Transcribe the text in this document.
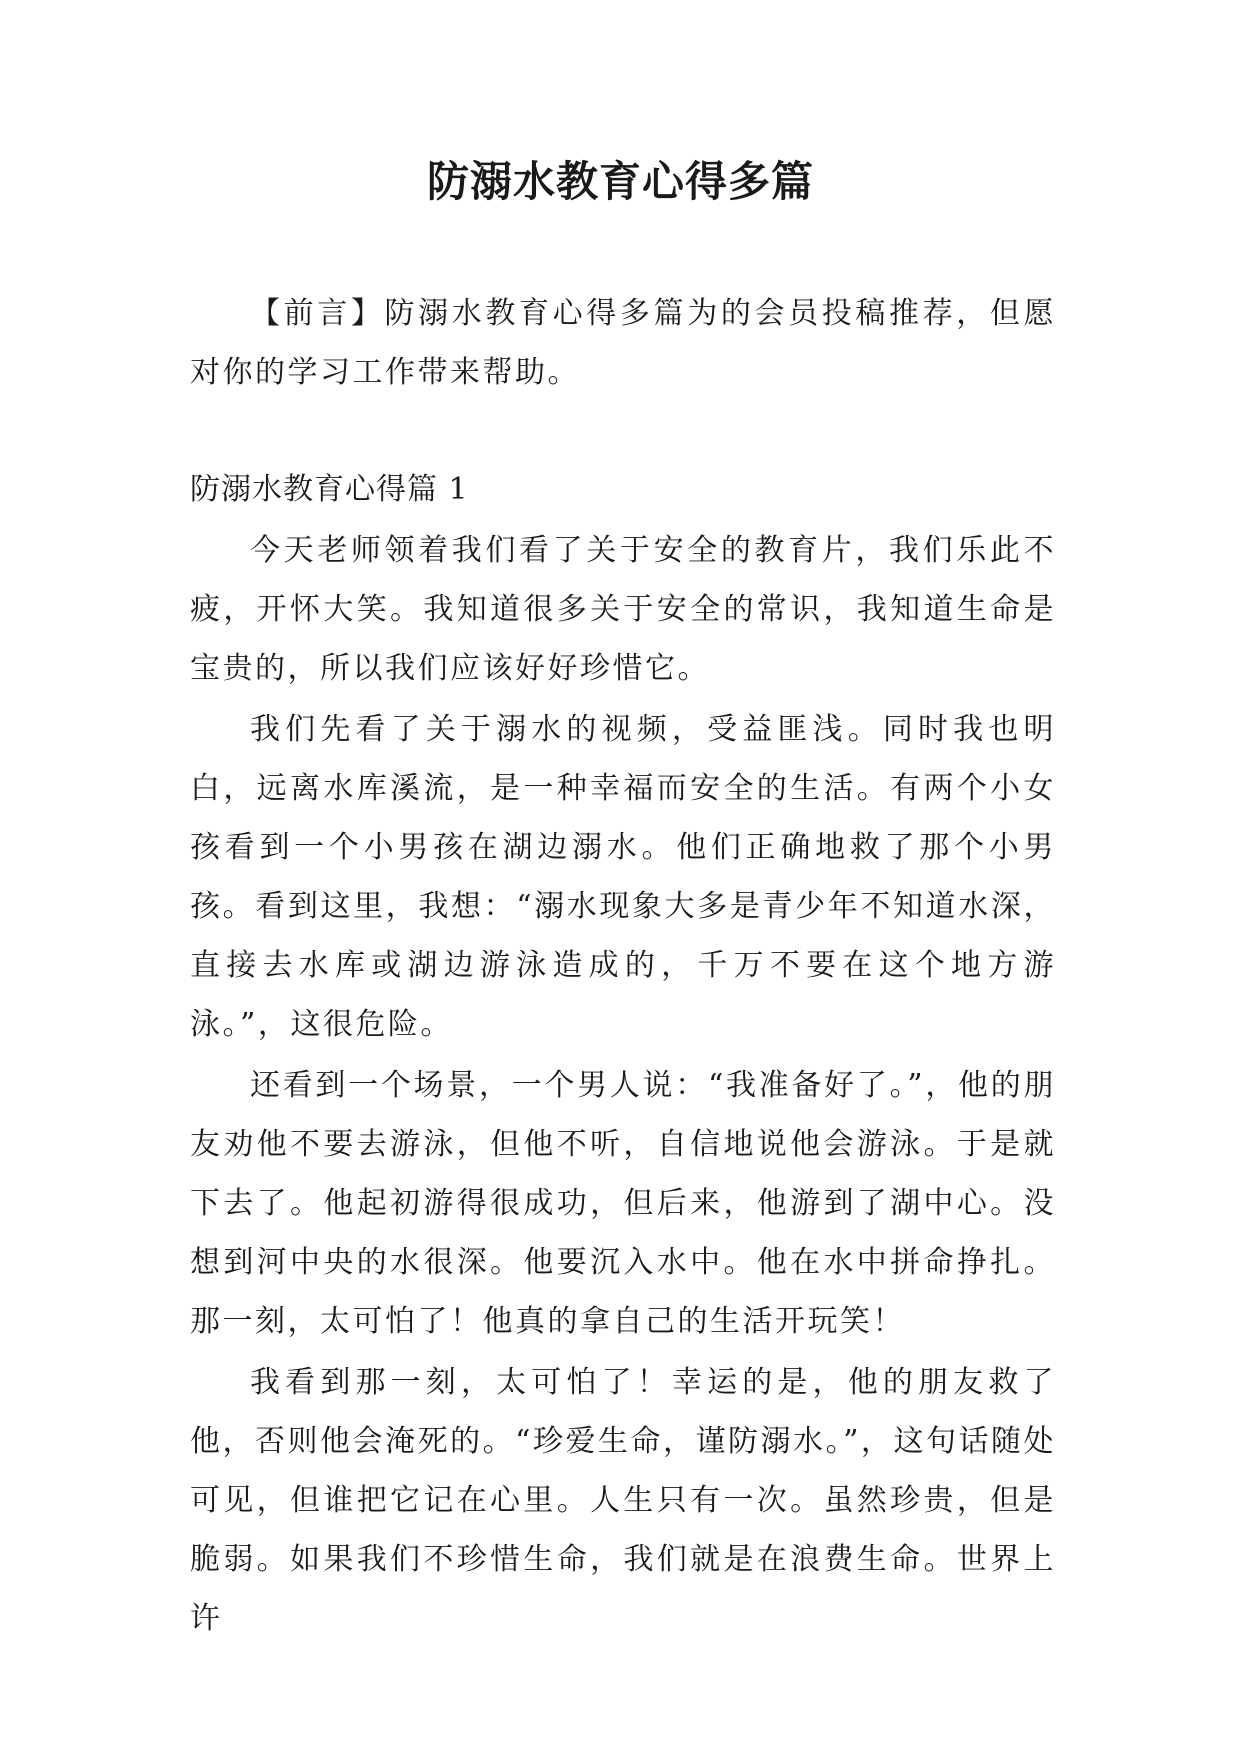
防溺水教育心得多篇

【前言】防溺水教育心得多篇为的会员投稿推荐，但愿对你的学习工作带来帮助。

防溺水教育心得篇 1

今天老师领着我们看了关于安全的教育片，我们乐此不疲，开怀大笑。我知道很多关于安全的常识，我知道生命是宝贵的，所以我们应该好好珍惜它。

我们先看了关于溺水的视频，受益匪浅。同时我也明白，远离水库溪流，是一种幸福而安全的生活。有两个小女孩看到一个小男孩在湖边溺水。他们正确地救了那个小男孩。看到这里，我想：“溺水现象大多是青少年不知道水深，直接去水库或湖边游泳造成的，千万不要在这个地方游泳。”，这很危险。

还看到一个场景，一个男人说：“我准备好了。”，他的朋友劝他不要去游泳，但他不听，自信地说他会游泳。于是就下去了。他起初游得很成功，但后来，他游到了湖中心。没想到河中央的水很深。他要沉入水中。他在水中拼命挣扎。那一刻，太可怕了！他真的拿自己的生活开玩笑！

我看到那一刻，太可怕了！幸运的是，他的朋友救了他，否则他会淹死的。“珍爱生命，谨防溺水。”，这句话随处可见，但谁把它记在心里。人生只有一次。虽然珍贵，但是脆弱。如果我们不珍惜生命，我们就是在浪费生命。世界上许
